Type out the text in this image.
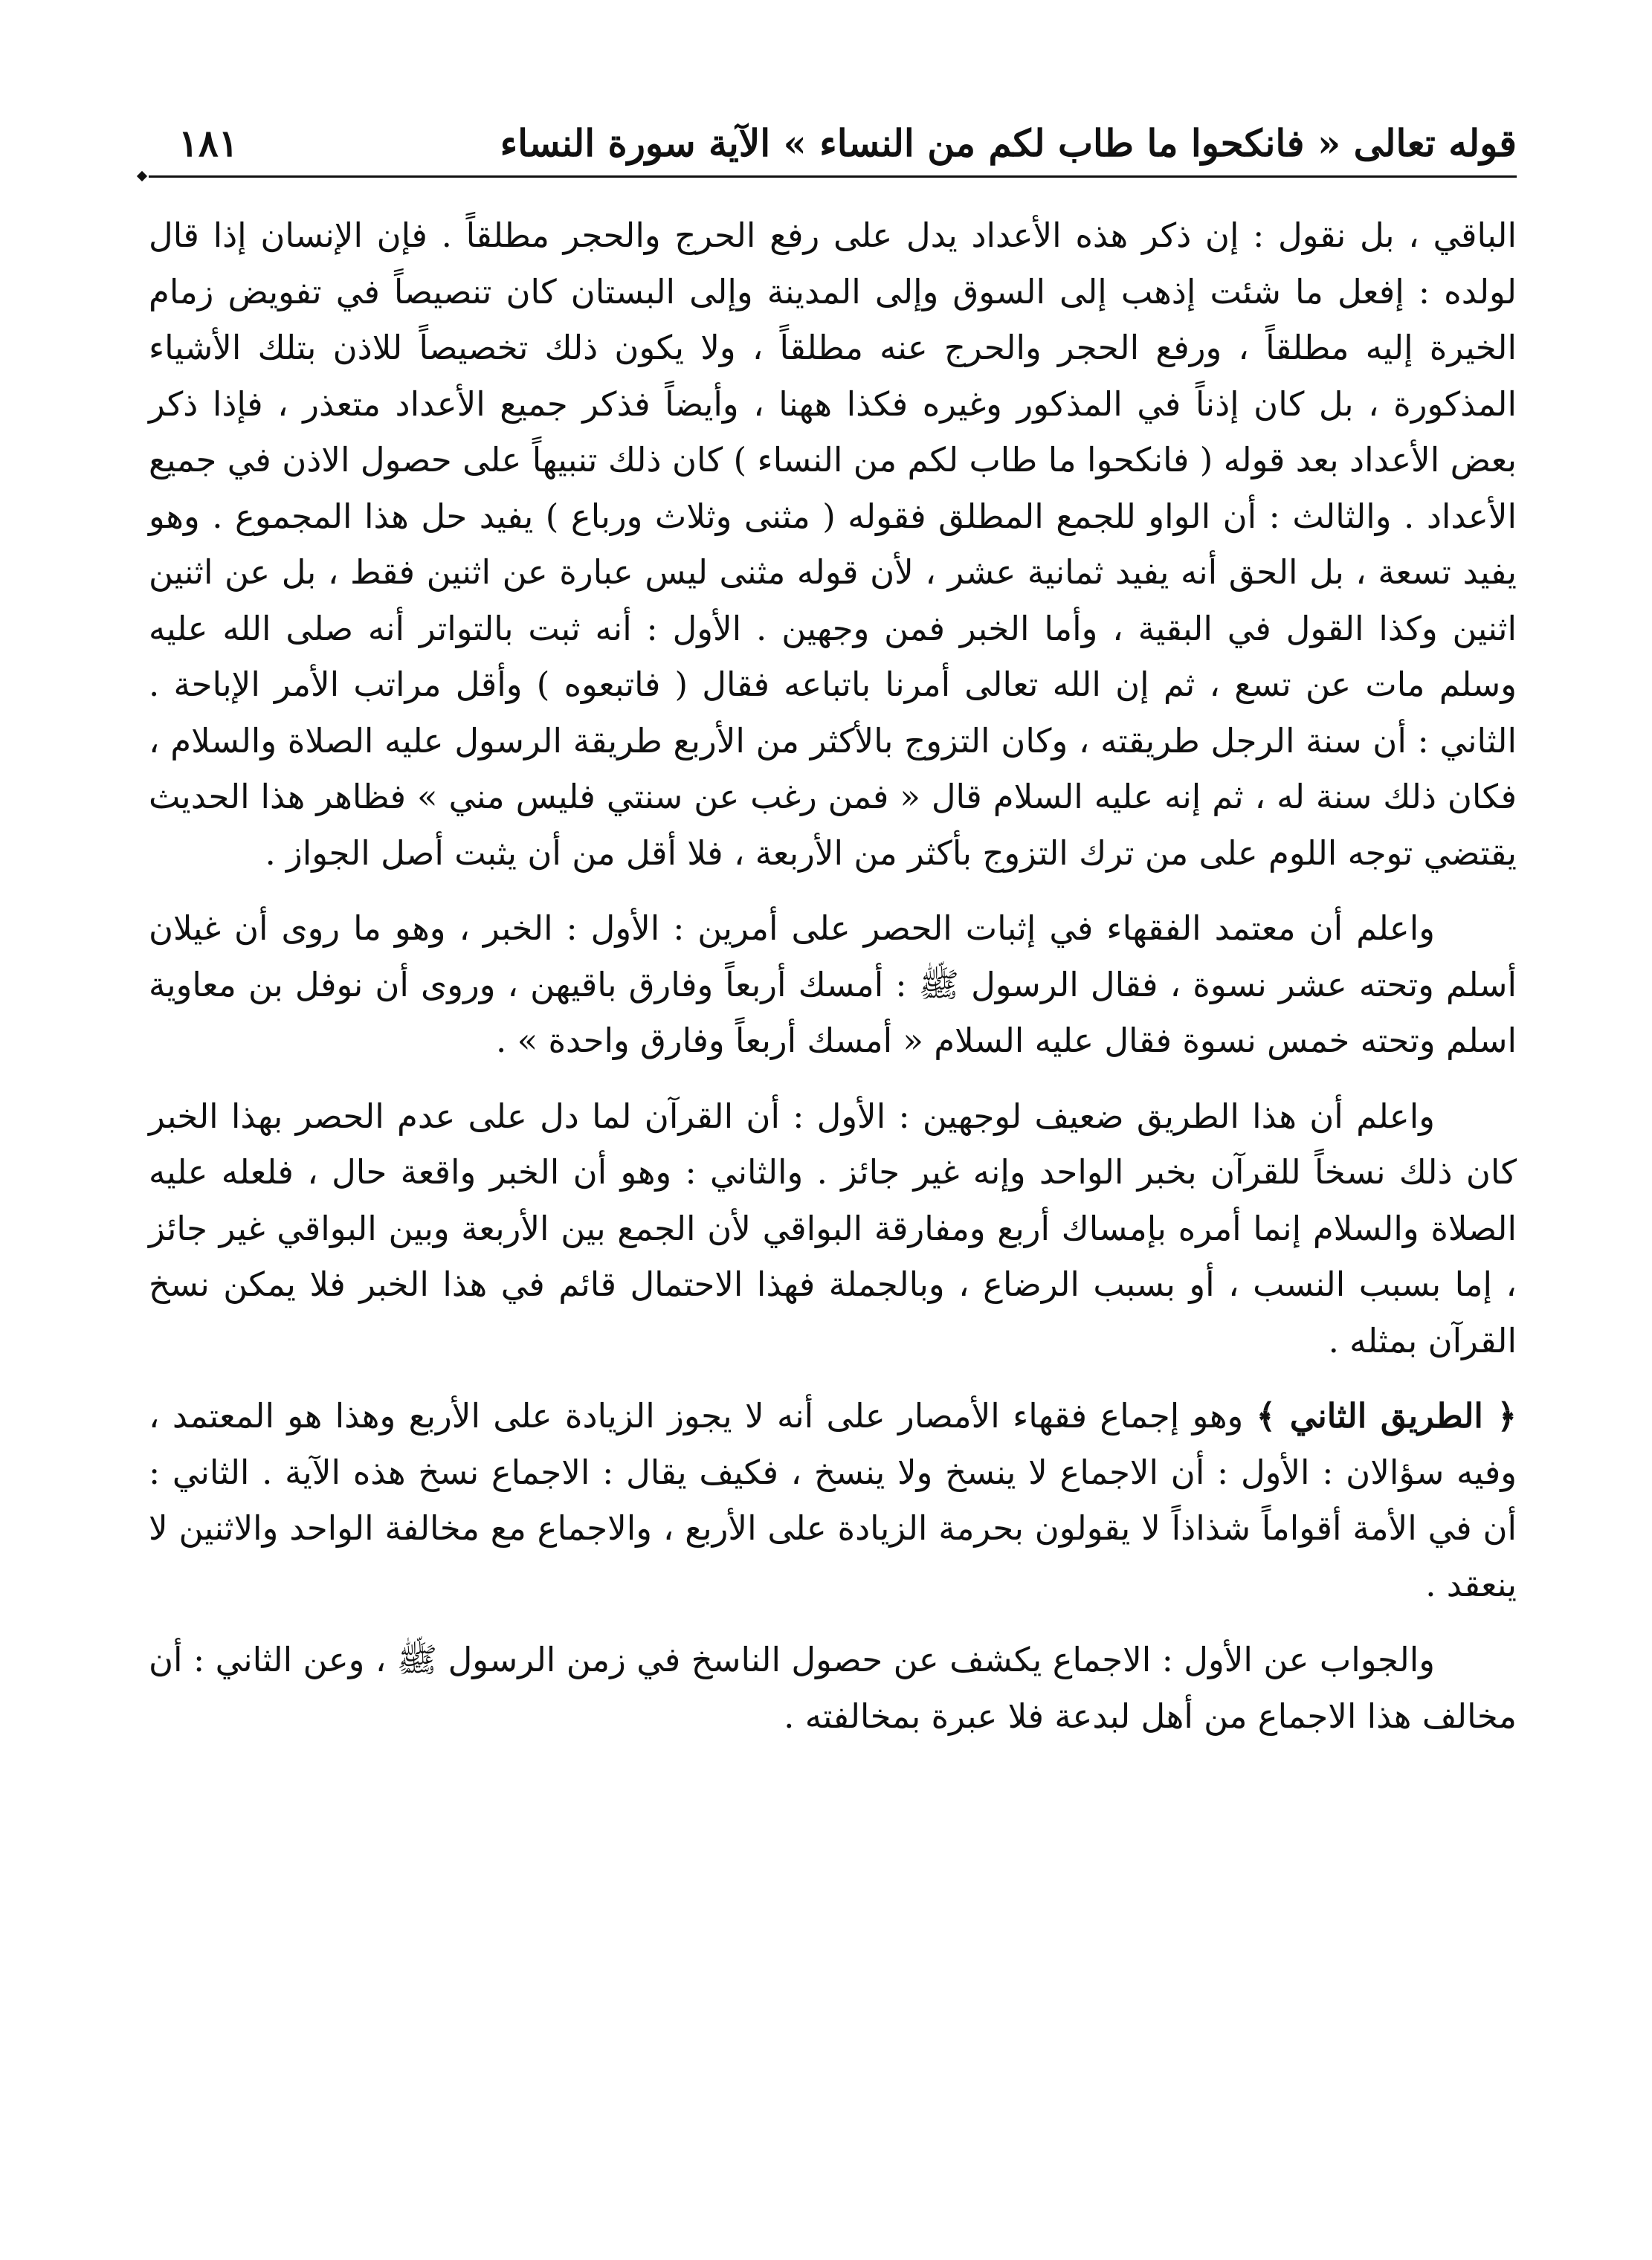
قوله تعالى « فانكحوا ما طاب لكم من النساء » الآية سورة النساء
١٨١

الباقي ، بل نقول : إن ذكر هذه الأعداد يدل على رفع الحرج والحجر مطلقاً . فإن الإنسان إذا قال لولده : إفعل ما شئت إذهب إلى السوق وإلى المدينة وإلى البستان كان تنصيصاً في تفويض زمام الخيرة إليه مطلقاً ، ورفع الحجر والحرج عنه مطلقاً ، ولا يكون ذلك تخصيصاً للاذن بتلك الأشياء المذكورة ، بل كان إذناً في المذكور وغيره فكذا ههنا ، وأيضاً فذكر جميع الأعداد متعذر ، فإذا ذكر بعض الأعداد بعد قوله ( فانكحوا ما طاب لكم من النساء ) كان ذلك تنبيهاً على حصول الاذن في جميع الأعداد . والثالث : أن الواو للجمع المطلق فقوله ( مثنى وثلاث ورباع ) يفيد حل هذا المجموع . وهو يفيد تسعة ، بل الحق أنه يفيد ثمانية عشر ، لأن قوله مثنى ليس عبارة عن اثنين فقط ، بل عن اثنين اثنين وكذا القول في البقية ، وأما الخبر فمن وجهين . الأول : أنه ثبت بالتواتر أنه صلى الله عليه وسلم مات عن تسع ، ثم إن الله تعالى أمرنا باتباعه فقال ( فاتبعوه ) وأقل مراتب الأمر الإباحة . الثاني : أن سنة الرجل طريقته ، وكان التزوج بالأكثر من الأربع طريقة الرسول عليه الصلاة والسلام ، فكان ذلك سنة له ، ثم إنه عليه السلام قال « فمن رغب عن سنتي فليس مني » فظاهر هذا الحديث يقتضي توجه اللوم على من ترك التزوج بأكثر من الأربعة ، فلا أقل من أن يثبت أصل الجواز .

واعلم أن معتمد الفقهاء في إثبات الحصر على أمرين : الأول : الخبر ، وهو ما روى أن غيلان أسلم وتحته عشر نسوة ، فقال الرسول ﷺ : أمسك أربعاً وفارق باقيهن ، وروى أن نوفل بن معاوية اسلم وتحته خمس نسوة فقال عليه السلام « أمسك أربعاً وفارق واحدة » .

واعلم أن هذا الطريق ضعيف لوجهين : الأول : أن القرآن لما دل على عدم الحصر بهذا الخبر كان ذلك نسخاً للقرآن بخبر الواحد وإنه غير جائز . والثاني : وهو أن الخبر واقعة حال ، فلعله عليه الصلاة والسلام إنما أمره بإمساك أربع ومفارقة البواقي لأن الجمع بين الأربعة وبين البواقي غير جائز ، إما بسبب النسب ، أو بسبب الرضاع ، وبالجملة فهذا الاحتمال قائم في هذا الخبر فلا يمكن نسخ القرآن بمثله .

﴿ الطريق الثاني ﴾ وهو إجماع فقهاء الأمصار على أنه لا يجوز الزيادة على الأربع وهذا هو المعتمد ، وفيه سؤالان : الأول : أن الاجماع لا ينسخ ولا ينسخ ، فكيف يقال : الاجماع نسخ هذه الآية . الثاني : أن في الأمة أقواماً شذاذاً لا يقولون بحرمة الزيادة على الأربع ، والاجماع مع مخالفة الواحد والاثنين لا ينعقد .

والجواب عن الأول : الاجماع يكشف عن حصول الناسخ في زمن الرسول ﷺ ، وعن الثاني : أن مخالف هذا الاجماع من أهل لبدعة فلا عبرة بمخالفته .
